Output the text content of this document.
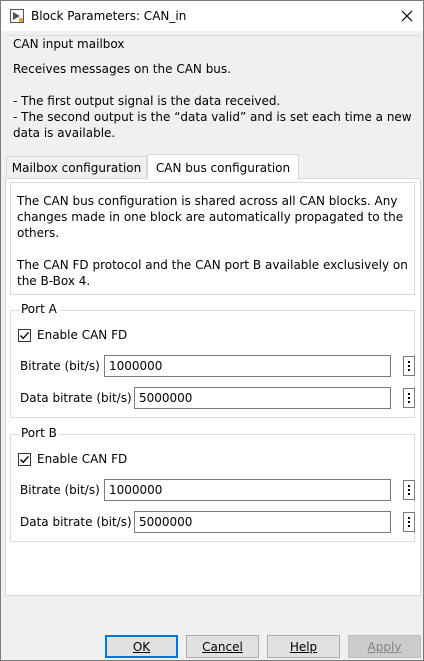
Block Parameters: CAN_in
CAN input mailbox
Receives messages on the CAN bus.

- The first output signal is the data received.
- The second output is the “data valid” and is set each time a new data is available.
Mailbox configuration	CAN bus configuration
The CAN bus configuration is shared across all CAN blocks. Any changes made in one block are automatically propagated to the others.

The CAN FD protocol and the CAN port B available exclusively on the B-Box 4.
Port A
Enable CAN FD
Bitrate (bit/s) 1000000
Data bitrate (bit/s) 5000000
Port B
Enable CAN FD
Bitrate (bit/s) 1000000
Data bitrate (bit/s) 5000000
OK	Cancel	Help	Apply
